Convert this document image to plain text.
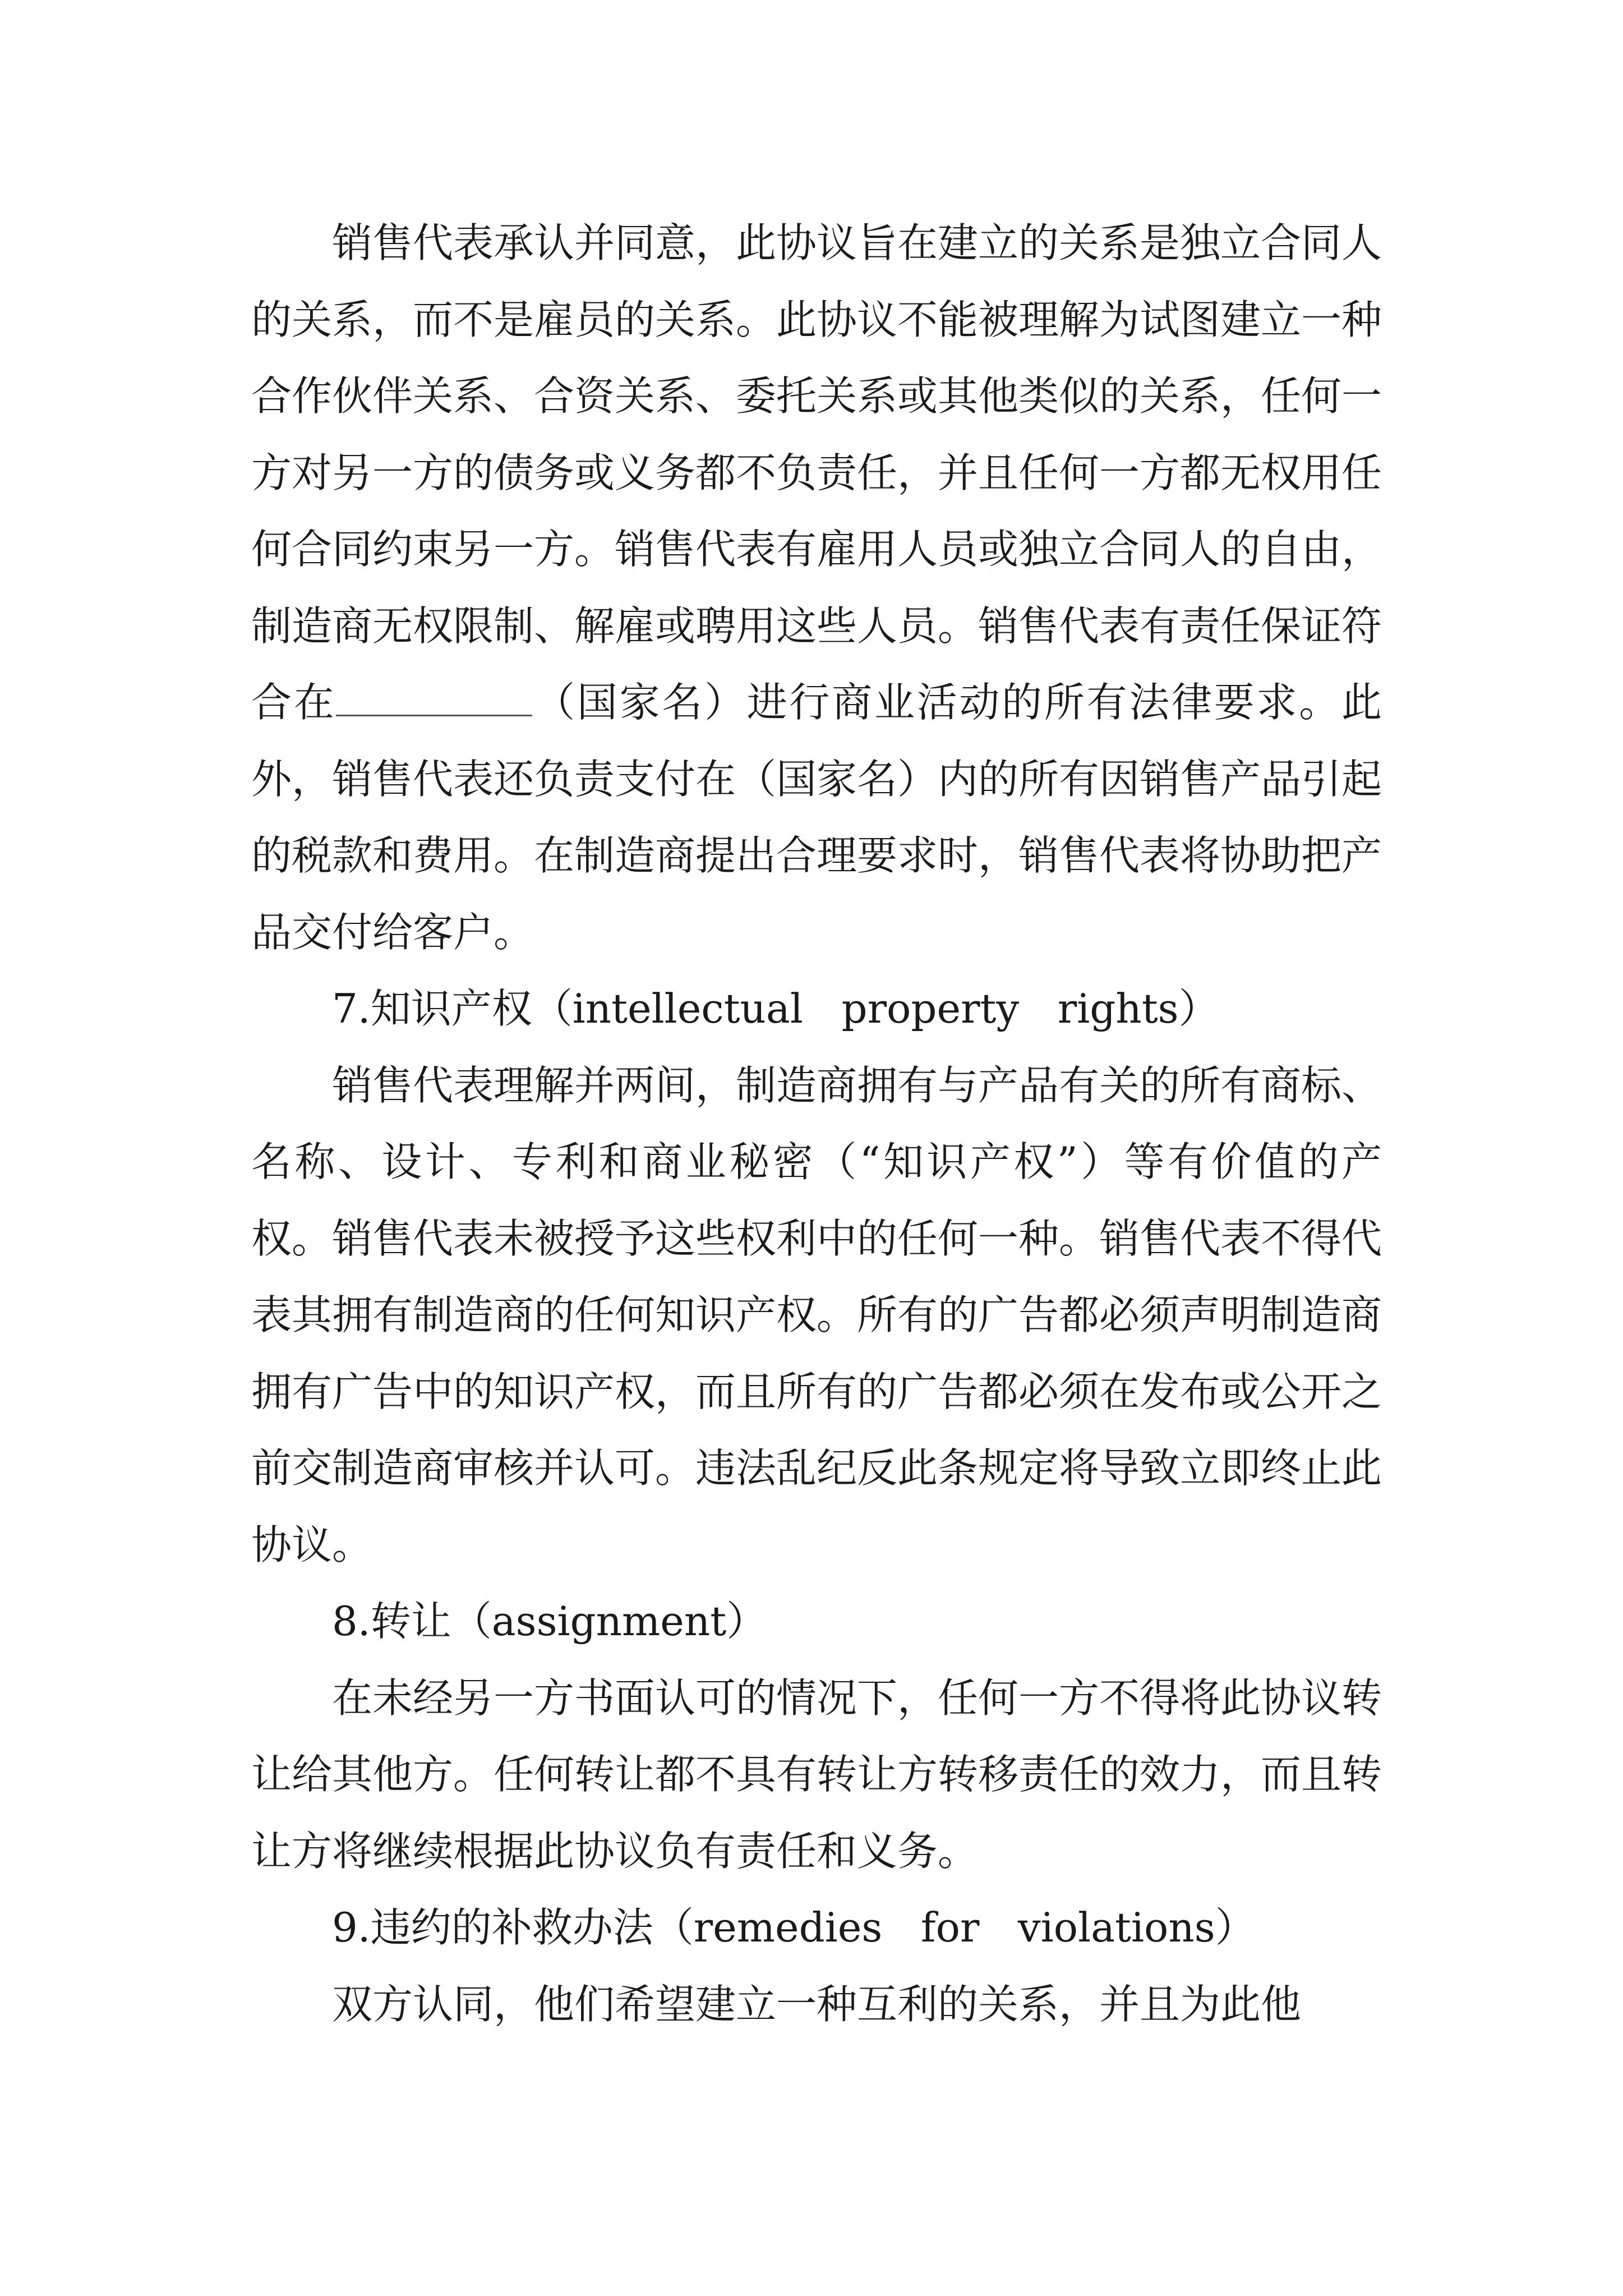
销售代表承认并同意，此协议旨在建立的关系是独立合同人的关系，而不是雇员的关系。此协议不能被理解为试图建立一种合作伙伴关系、合资关系、委托关系或其他类似的关系，任何一方对另一方的债务或义务都不负责任，并且任何一方都无权用任何合同约束另一方。销售代表有雇用人员或独立合同人的自由，制造商无权限制、解雇或聘用这些人员。销售代表有责任保证符合在	（国家名）进行商业活动的所有法律要求。此外，销售代表还负责支付在（国家名）内的所有因销售产品引起的税款和费用。在制造商提出合理要求时，销售代表将协助把产品交付给客户。

7.知识产权（intellectual   property   rights）

销售代表理解并两间，制造商拥有与产品有关的所有商标、名称、设计、专利和商业秘密（“知识产权”）等有价值的产权。销售代表未被授予这些权利中的任何一种。销售代表不得代表其拥有制造商的任何知识产权。所有的广告都必须声明制造商拥有广告中的知识产权，而且所有的广告都必须在发布或公开之前交制造商审核并认可。违法乱纪反此条规定将导致立即终止此协议。

8.转让（assignment）

在未经另一方书面认可的情况下，任何一方不得将此协议转让给其他方。任何转让都不具有转让方转移责任的效力，而且转让方将继续根据此协议负有责任和义务。

9.违约的补救办法（remedies   for   violations）

双方认同，他们希望建立一种互利的关系，并且为此他
